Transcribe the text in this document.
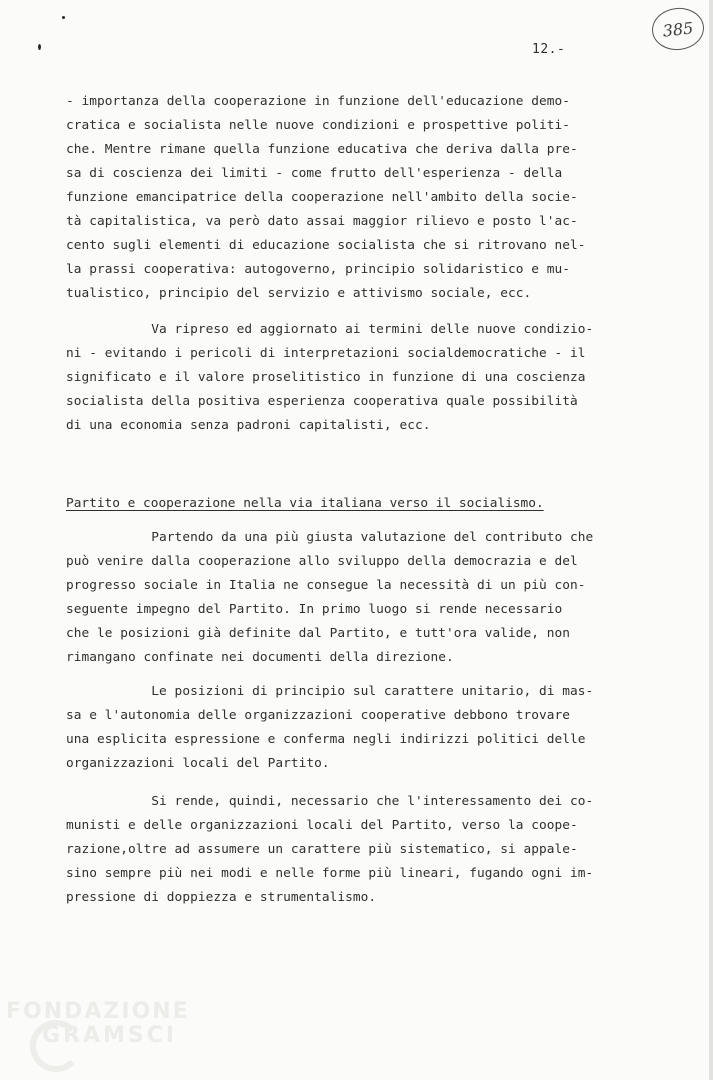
385
12.-
- importanza della cooperazione in funzione dell'educazione demo-
cratica e socialista nelle nuove condizioni e prospettive politi-
che. Mentre rimane quella funzione educativa che deriva dalla pre-
sa di coscienza dei limiti - come frutto dell'esperienza - della
funzione emancipatrice della cooperazione nell'ambito della socie-
tà capitalistica, va però dato assai maggior rilievo e posto l'ac-
cento sugli elementi di educazione socialista che si ritrovano nel-
la prassi cooperativa: autogoverno, principio solidaristico e mu-
tualistico, principio del servizio e attivismo sociale, ecc.
Va ripreso ed aggiornato ai termini delle nuove condizio-
ni - evitando i pericoli di interpretazioni socialdemocratiche - il
significato e il valore proselitistico in funzione di una coscienza
socialista della positiva esperienza cooperativa quale possibilità
di una economia senza padroni capitalisti, ecc.
Partito e cooperazione nella via italiana verso il socialismo.
Partendo da una più giusta valutazione del contributo che
può venire dalla cooperazione allo sviluppo della democrazia e del
progresso sociale in Italia ne consegue la necessità di un più con-
seguente impegno del Partito. In primo luogo si rende necessario
che le posizioni già definite dal Partito, e tutt'ora valide, non
rimangano confinate nei documenti della direzione.
Le posizioni di principio sul carattere unitario, di mas-
sa e l'autonomia delle organizzazioni cooperative debbono trovare
una esplicita espressione e conferma negli indirizzi politici delle
organizzazioni locali del Partito.
Si rende, quindi, necessario che l'interessamento dei co-
munisti e delle organizzazioni locali del Partito, verso la coope-
razione,oltre ad assumere un carattere più sistematico, si appale-
sino sempre più nei modi e nelle forme più lineari, fugando ogni im-
pressione di doppiezza e strumentalismo.
FONDAZIONE
GRAMSCI
